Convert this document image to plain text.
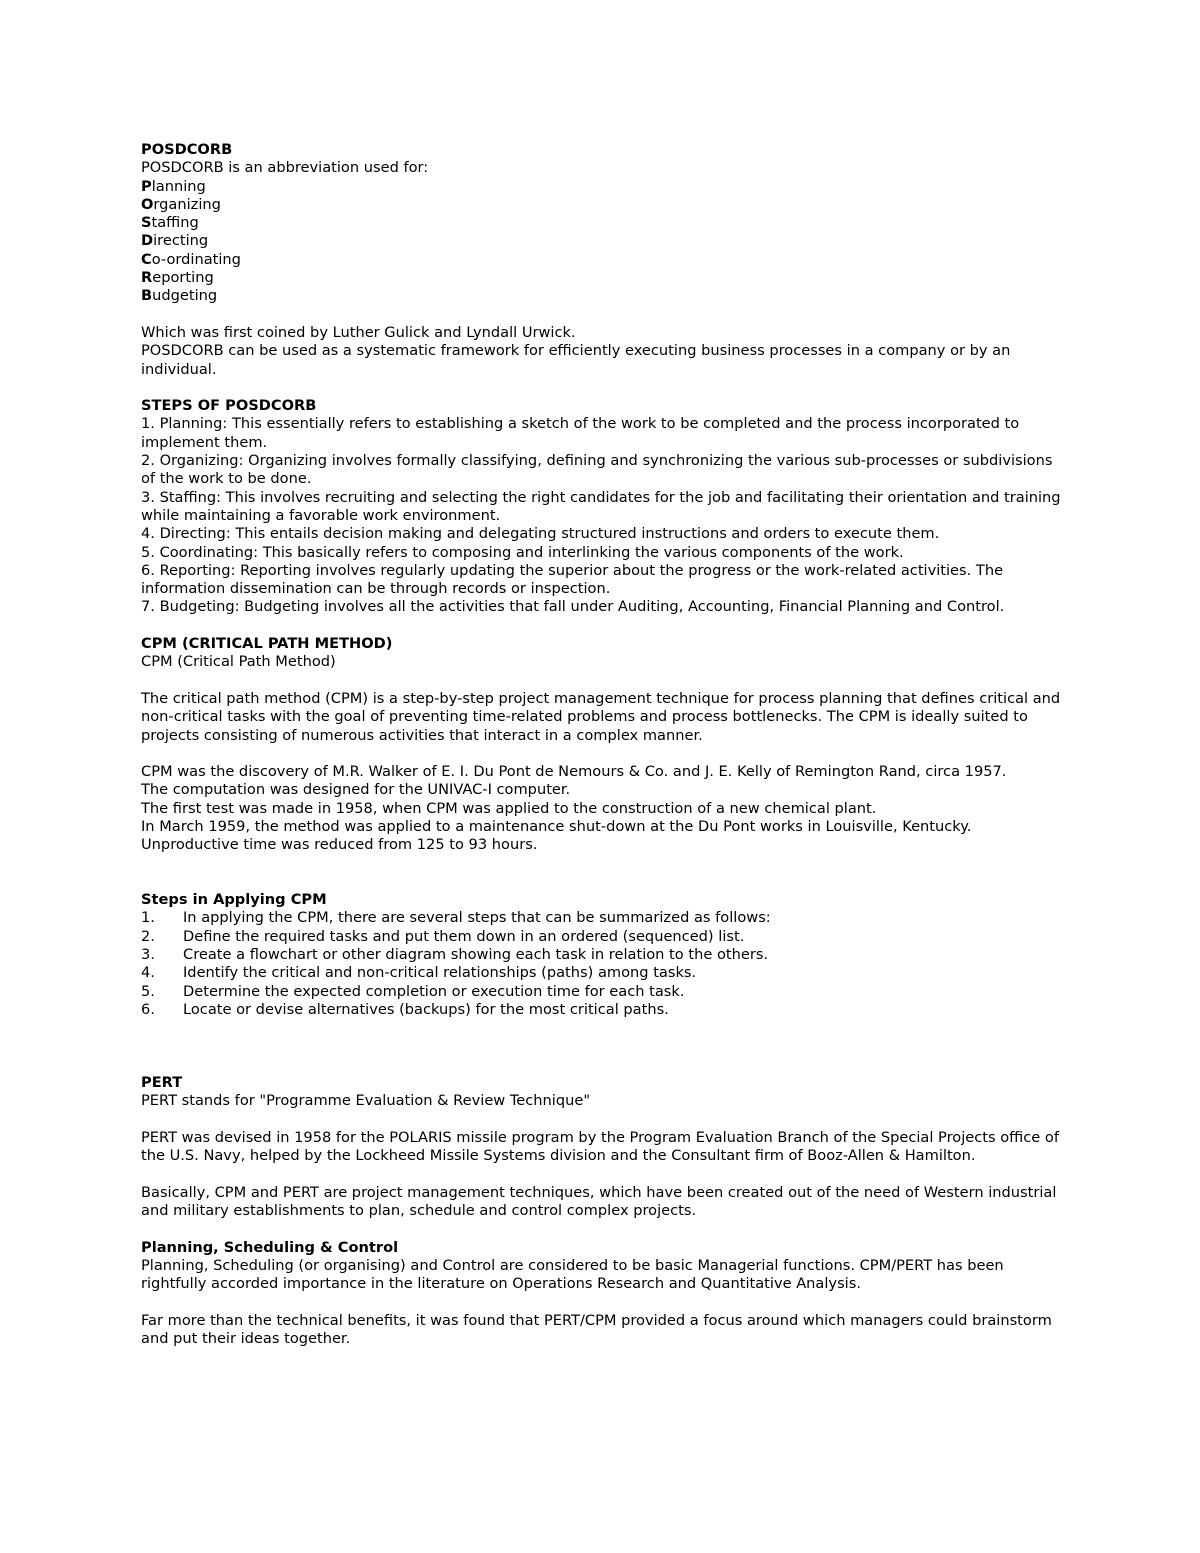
POSDCORB
POSDCORB is an abbreviation used for:
Planning
Organizing
Staffing
Directing
Co-ordinating
Reporting
Budgeting
Which was first coined by Luther Gulick and Lyndall Urwick.
POSDCORB can be used as a systematic framework for efficiently executing business processes in a company or by an individual.
STEPS OF POSDCORB
1. Planning: This essentially refers to establishing a sketch of the work to be completed and the process incorporated to implement them.
2. Organizing: Organizing involves formally classifying, defining and synchronizing the various sub-processes or subdivisions of the work to be done.
3. Staffing: This involves recruiting and selecting the right candidates for the job and facilitating their orientation and training while maintaining a favorable work environment.
4. Directing: This entails decision making and delegating structured instructions and orders to execute them.
5. Coordinating: This basically refers to composing and interlinking the various components of the work.
6. Reporting: Reporting involves regularly updating the superior about the progress or the work-related activities. The information dissemination can be through records or inspection.
7. Budgeting: Budgeting involves all the activities that fall under Auditing, Accounting, Financial Planning and Control.
CPM (CRITICAL PATH METHOD)
CPM (Critical Path Method)
The critical path method (CPM) is a step-by-step project management technique for process planning that defines critical and non-critical tasks with the goal of preventing time-related problems and process bottlenecks. The CPM is ideally suited to projects consisting of numerous activities that interact in a complex manner.
CPM was the discovery of M.R. Walker of E. I. Du Pont de Nemours & Co. and J. E. Kelly of Remington Rand, circa 1957.
The computation was designed for the UNIVAC-I computer.
The first test was made in 1958, when CPM was applied to the construction of a new chemical plant.
In March 1959, the method was applied to a maintenance shut-down at the Du Pont works in Louisville, Kentucky.
Unproductive time was reduced from 125 to 93 hours.
Steps in Applying CPM
1. In applying the CPM, there are several steps that can be summarized as follows:
2. Define the required tasks and put them down in an ordered (sequenced) list.
3. Create a flowchart or other diagram showing each task in relation to the others.
4. Identify the critical and non-critical relationships (paths) among tasks.
5. Determine the expected completion or execution time for each task.
6. Locate or devise alternatives (backups) for the most critical paths.
PERT
PERT stands for "Programme Evaluation & Review Technique"
PERT was devised in 1958 for the POLARIS missile program by the Program Evaluation Branch of the Special Projects office of the U.S. Navy, helped by the Lockheed Missile Systems division and the Consultant firm of Booz-Allen & Hamilton.
Basically, CPM and PERT are project management techniques, which have been created out of the need of Western industrial and military establishments to plan, schedule and control complex projects.
Planning, Scheduling & Control
Planning, Scheduling (or organising) and Control are considered to be basic Managerial functions. CPM/PERT has been rightfully accorded importance in the literature on Operations Research and Quantitative Analysis.
Far more than the technical benefits, it was found that PERT/CPM provided a focus around which managers could brainstorm and put their ideas together.
